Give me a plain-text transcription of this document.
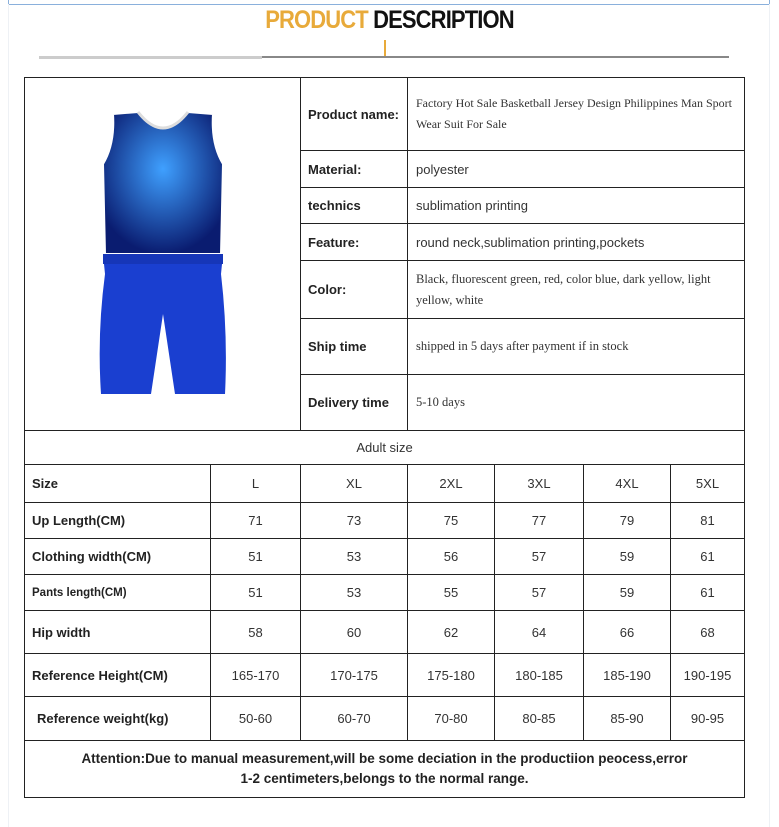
PRODUCT DESCRIPTION
Product name:
Factory Hot Sale Basketball Jersey Design Philippines Man Sport Wear Suit For Sale
Material:	polyester
technics	sublimation printing
Feature:	round neck,sublimation printing,pockets
Color:
Black, fluorescent green, red, color blue, dark yellow, light yellow, white
Ship time	shipped in 5 days after payment if in stock
Delivery time 5-10 days
Adult size
Size	L	XL	2XL	3XL	4XL	5XL
Up Length(CM)	71	73	75	77	79	81
Clothing width(CM)	51	53	56	57	59	61
Pants length(CM)	51	53	55	57	59	61
Hip width	58	60	62	64	66	68
Reference Height(CM)	165-170	170-175	175-180	180-185	185-190	190-195
Reference weight(kg)	50-60	60-70	70-80	80-85	85-90	90-95
Attention:Due to manual measurement,will be some deciation in the productiion peocess,error 1-2 centimeters,belongs to the normal range.
